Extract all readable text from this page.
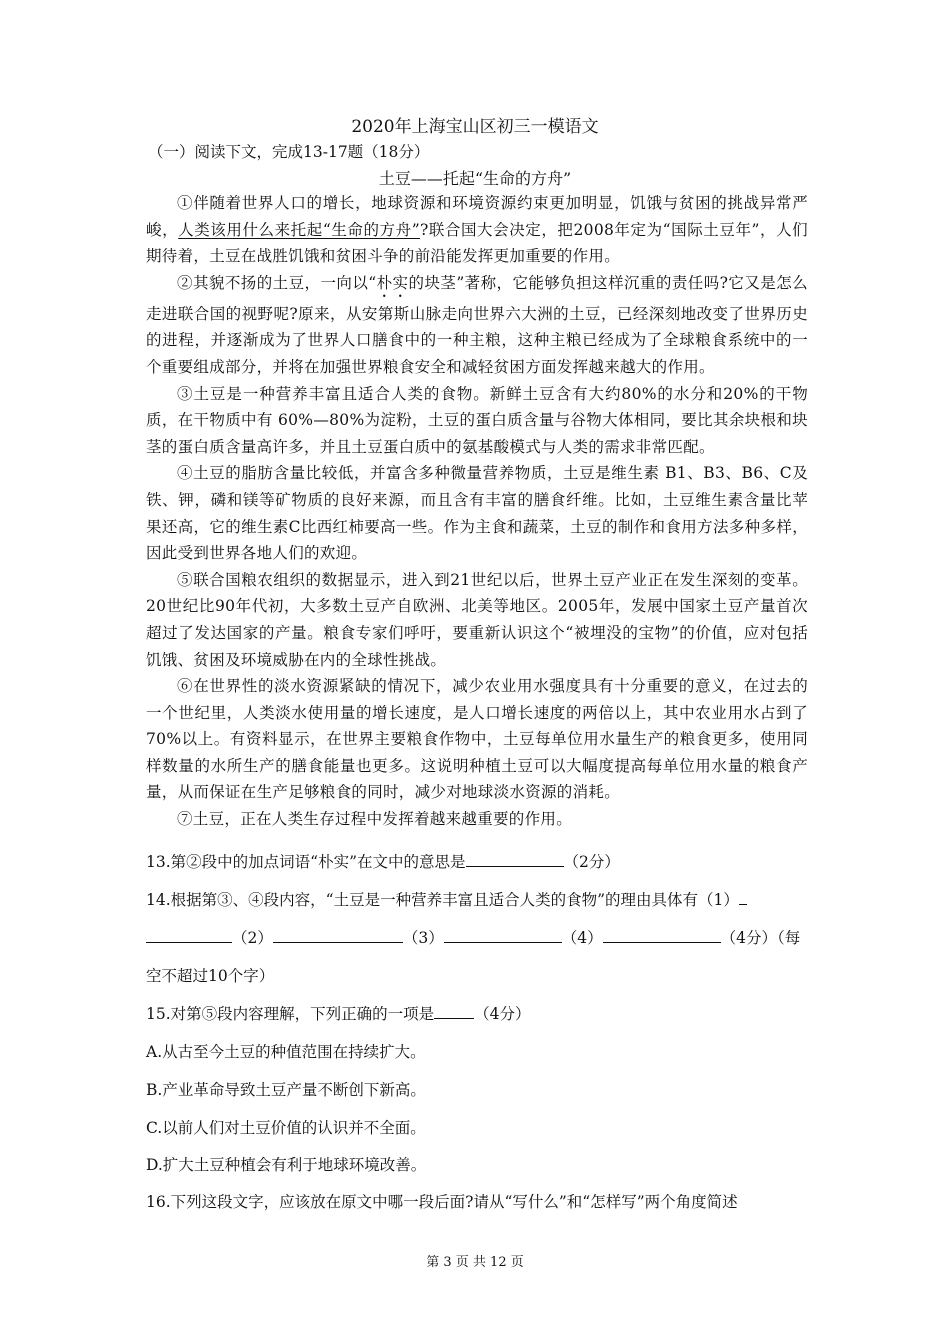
2020年上海宝山区初三一模语文
（一）阅读下文，完成13-17题（18分）
土豆——托起“生命的方舟”

①伴随着世界人口的增长，地球资源和环境资源约束更加明显，饥饿与贫困的挑战异常严峻，人类该用什么来托起“生命的方舟”?联合国大会决定，把2008年定为“国际土豆年”，人们期待着，土豆在战胜饥饿和贫困斗争的前沿能发挥更加重要的作用。

②其貌不扬的土豆，一向以“朴实的块茎”著称，它能够负担这样沉重的责任吗?它又是怎么走进联合国的视野呢?原来，从安第斯山脉走向世界六大洲的土豆，已经深刻地改变了世界历史的进程，并逐渐成为了世界人口膳食中的一种主粮，这种主粮已经成为了全球粮食系统中的一个重要组成部分，并将在加强世界粮食安全和减轻贫困方面发挥越来越大的作用。

③土豆是一种营养丰富且适合人类的食物。新鲜土豆含有大约80%的水分和20%的干物质，在干物质中有 60%—80%为淀粉，土豆的蛋白质含量与谷物大体相同，要比其余块根和块茎的蛋白质含量高许多，并且土豆蛋白质中的氨基酸模式与人类的需求非常匹配。

④土豆的脂肪含量比较低，并富含多种微量营养物质，土豆是维生素 B1、B3、B6、C及铁、钾，磷和镁等矿物质的良好来源，而且含有丰富的膳食纤维。比如，土豆维生素含量比苹果还高，它的维生素C比西红柿要高一些。作为主食和蔬菜，土豆的制作和食用方法多种多样，因此受到世界各地人们的欢迎。

⑤联合国粮农组织的数据显示，进入到21世纪以后，世界土豆产业正在发生深刻的变革。20世纪比90年代初，大多数土豆产自欧洲、北美等地区。2005年，发展中国家土豆产量首次超过了发达国家的产量。粮食专家们呼吁，要重新认识这个“被埋没的宝物”的价值，应对包括饥饿、贫困及环境威胁在内的全球性挑战。

⑥在世界性的淡水资源紧缺的情况下，减少农业用水强度具有十分重要的意义，在过去的一个世纪里，人类淡水使用量的增长速度，是人口增长速度的两倍以上，其中农业用水占到了70%以上。有资料显示，在世界主要粮食作物中，土豆每单位用水量生产的粮食更多，使用同样数量的水所生产的膳食能量也更多。这说明种植土豆可以大幅度提高每单位用水量的粮食产量，从而保证在生产足够粮食的同时，减少对地球淡水资源的消耗。

⑦土豆，正在人类生存过程中发挥着越来越重要的作用。

13.第②段中的加点词语“朴实”在文中的意思是	（2分）
14.根据第③、④段内容，“土豆是一种营养丰富且适合人类的食物”的理由具体有（1）
（2）	（3）	（4）	（4分）（每
空不超过10个字）
15.对第⑤段内容理解，下列正确的一项是	（4分）
A.从古至今土豆的种值范围在持续扩大。
B.产业革命导致土豆产量不断创下新高。
C.以前人们对土豆价值的认识并不全面。
D.扩大土豆种植会有利于地球环境改善。
16.下列这段文字，应该放在原文中哪一段后面?请从“写什么”和“怎样写”两个角度简述
第 3 页 共 12 页
